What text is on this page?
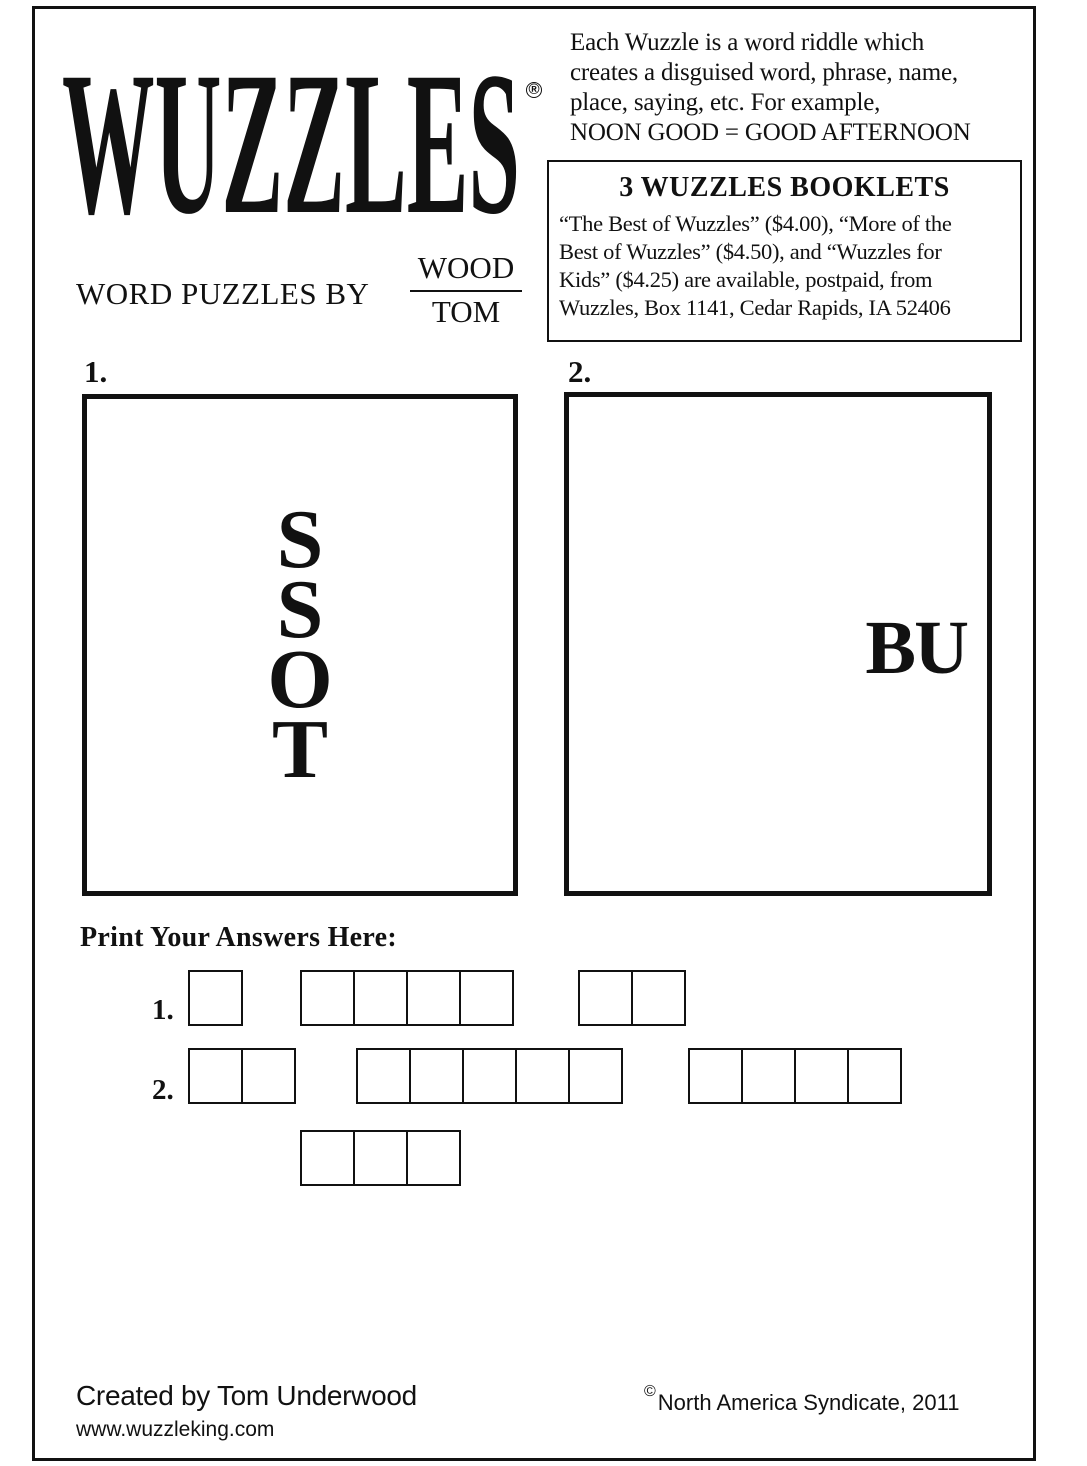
WUZZLES ®
WORD PUZZLES BY
WOOD
TOM
Each Wuzzle is a word riddle which
creates a disguised word, phrase, name,
place, saying, etc. For example,
NOON GOOD = GOOD AFTERNOON
3 WUZZLES BOOKLETS
“The Best of Wuzzles” ($4.00), “More of the
Best of Wuzzles” ($4.50), and “Wuzzles for
Kids” ($4.25) are available, postpaid, from
Wuzzles, Box 1141, Cedar Rapids, IA 52406
1.	2.
S
S
O
T
BU
Print Your Answers Here:
1.
2.
Created by Tom Underwood
www.wuzzleking.com
©North America Syndicate, 2011
